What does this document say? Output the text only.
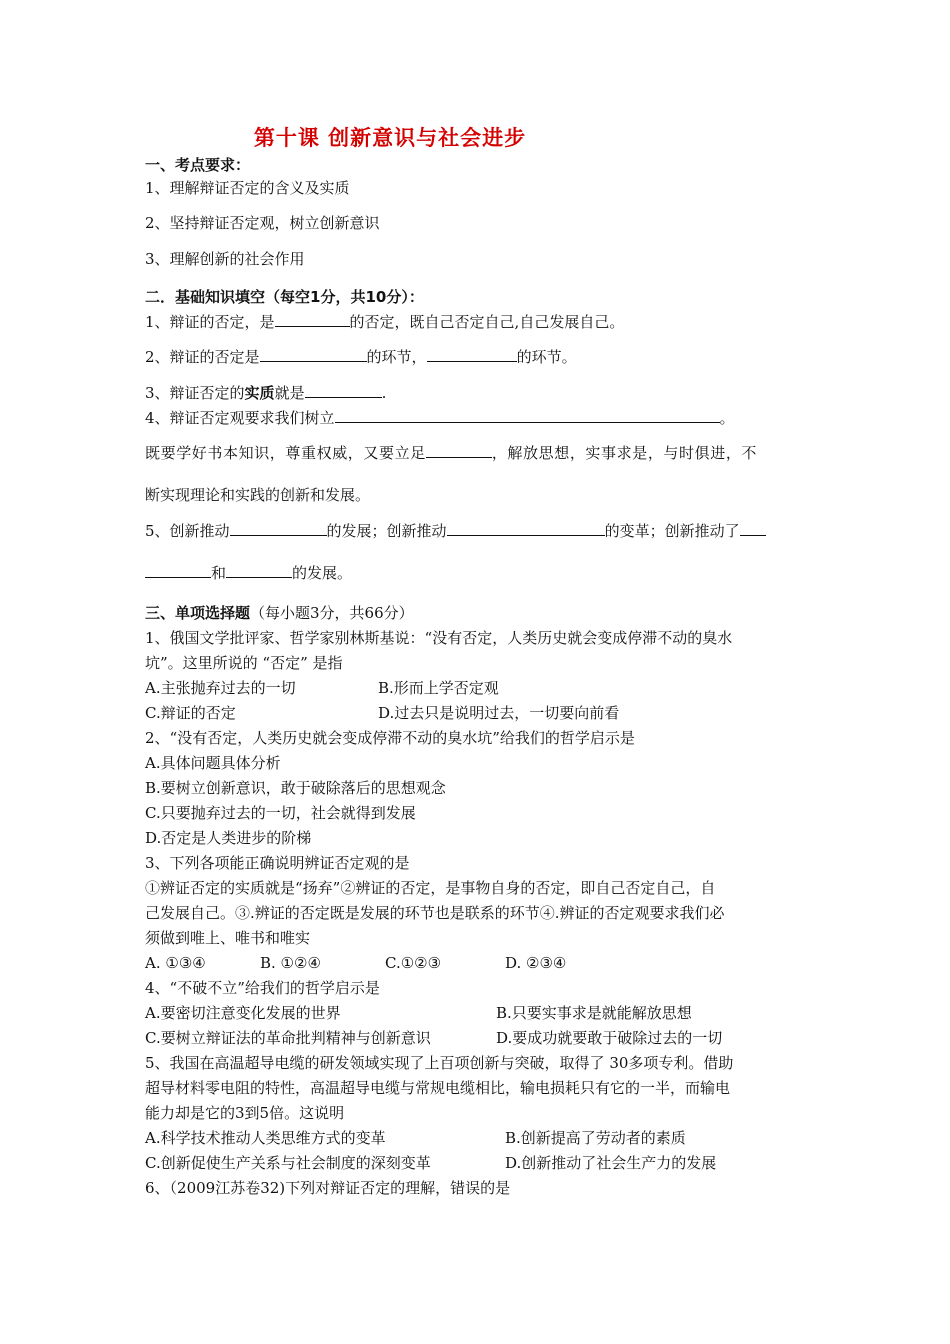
第十课 创新意识与社会进步
一、考点要求：
1、理解辩证否定的含义及实质
2、坚持辩证否定观，树立创新意识
3、理解创新的社会作用
二．基础知识填空（每空1分，共10分）：
1、辩证的否定，是	的否定，既自己否定自己,自己发展自己。
2、辩证的否定是	的环节，	的环节。
3、辩证否定的实质就是	.
4、辩证否定观要求我们树立	。
既要学好书本知识，尊重权威，又要立足	，解放思想，实事求是，与时俱进，不
断实现理论和实践的创新和发展。
5、创新推动	的发展；创新推动	的变革；创新推动了
和	的发展。
三、单项选择题（每小题3分，共66分）
1、俄国文学批评家、哲学家别林斯基说：“没有否定，人类历史就会变成停滞不动的臭水
坑”。这里所说的 “否定” 是指
A.主张抛弃过去的一切	B.形而上学否定观
C.辩证的否定	D.过去只是说明过去，一切要向前看
2、“没有否定，人类历史就会变成停滞不动的臭水坑”给我们的哲学启示是
A.具体问题具体分析
B.要树立创新意识，敢于破除落后的思想观念
C.只要抛弃过去的一切，社会就得到发展
D.否定是人类进步的阶梯
3、下列各项能正确说明辨证否定观的是
①辨证否定的实质就是“扬弃”②辨证的否定，是事物自身的否定，即自己否定自己，自
己发展自己。③.辨证的否定既是发展的环节也是联系的环节④.辨证的否定观要求我们必
须做到唯上、唯书和唯实
A. ①③④	B. ①②④	C.①②③	D. ②③④
4、“不破不立”给我们的哲学启示是
A.要密切注意变化发展的世界	B.只要实事求是就能解放思想
C.要树立辩证法的革命批判精神与创新意识	D.要成功就要敢于破除过去的一切
5、我国在高温超导电缆的研发领域实现了上百项创新与突破，取得了 30多项专利。借助
超导材料零电阻的特性，高温超导电缆与常规电缆相比，输电损耗只有它的一半，而输电
能力却是它的3到5倍。这说明
A.科学技术推动人类思维方式的变革	B.创新提高了劳动者的素质
C.创新促使生产关系与社会制度的深刻变革	D.创新推动了社会生产力的发展
6、（2009江苏卷32)下列对辩证否定的理解，错误的是
